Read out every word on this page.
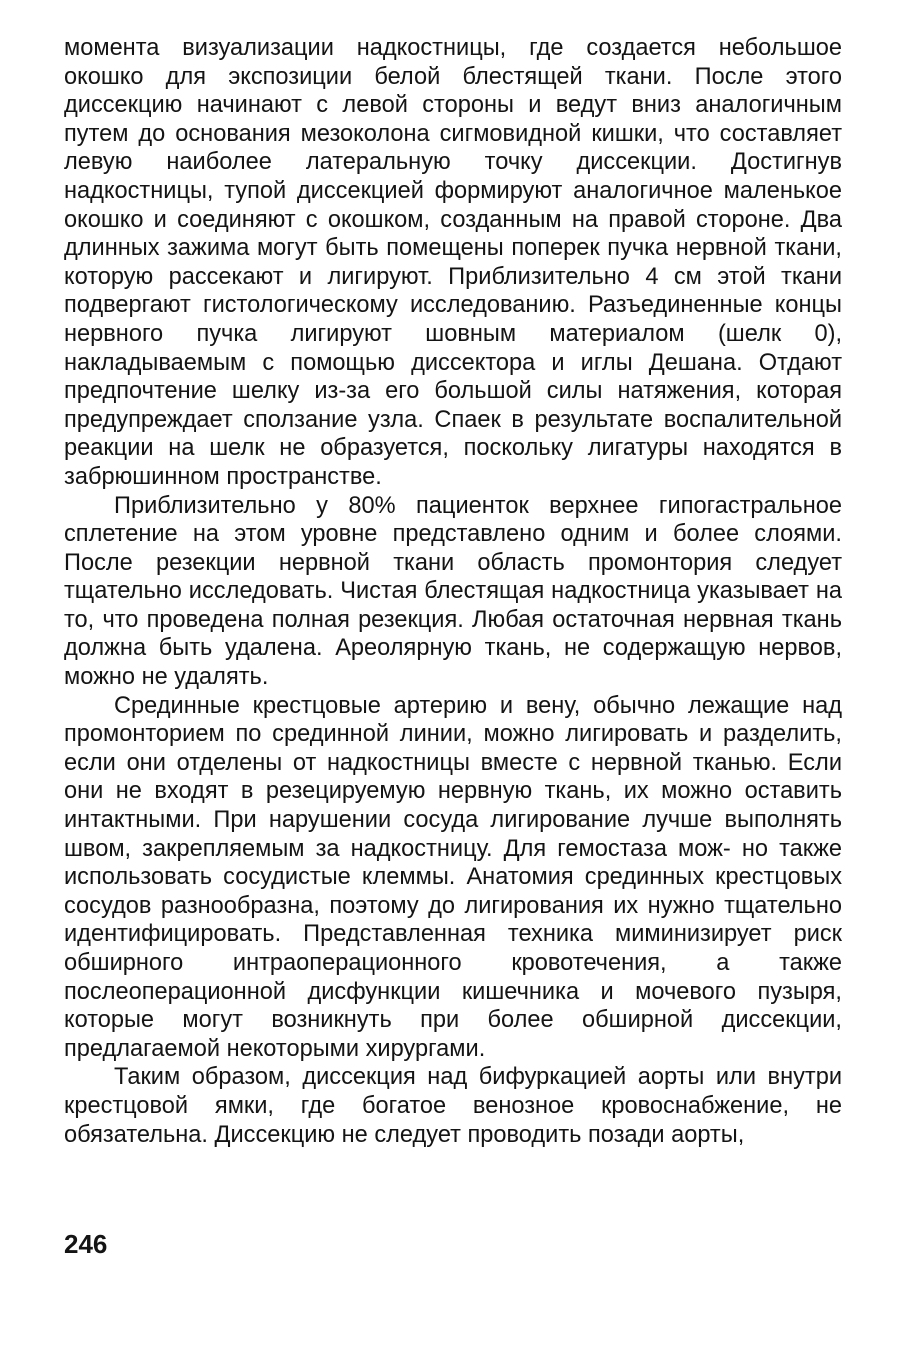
момента визуализации надкостницы, где создается небольшое окошко для экспозиции белой блестящей ткани. После этого диссекцию начинают с левой стороны и ведут вниз аналогичным путем до основания мезоколона сигмовидной кишки, что составляет левую наиболее латеральную точку диссекции. Достигнув надкостницы, тупой диссекцией формируют аналогичное маленькое окошко и соединяют с окошком, созданным на правой стороне. Два длинных зажима могут быть помещены поперек пучка нервной ткани, которую рассекают и лигируют. Приблизительно 4 см этой ткани подвергают гистологическому исследованию. Разъединенные концы нервного пучка лигируют шовным материалом (шелк 0), накладываемым с помощью диссектора и иглы Дешана. Отдают предпочтение шелку из-за его большой силы натяжения, которая предупреждает сползание узла. Спаек в результате воспалительной реакции на шелк не образуется, поскольку лигатуры находятся в забрюшинном пространстве.

Приблизительно у 80% пациенток верхнее гипогастральное сплетение на этом уровне представлено одним и более слоями. После резекции нервной ткани область промонтория следует тщательно исследовать. Чистая блестящая надкостница указывает на то, что проведена полная резекция. Любая остаточная нервная ткань должна быть удалена. Ареолярную ткань, не содержащую нервов, можно не удалять.

Срединные крестцовые артерию и вену, обычно лежащие над промонторием по срединной линии, можно лигировать и разделить, если они отделены от надкостницы вместе с нервной тканью. Если они не входят в резецируемую нервную ткань, их можно оставить интактными. При нарушении сосуда лигирование лучше выполнять швом, закрепляемым за надкостницу. Для гемостаза мож- но также использовать сосудистые клеммы. Анатомия срединных крестцовых сосудов разнообразна, поэтому до лигирования их нужно тщательно идентифицировать. Представленная техника миминизирует риск обширного интраоперационного кровотечения, а также послеоперационной дисфункции кишечника и мочевого пузыря, которые могут возникнуть при более обширной диссекции, предлагаемой некоторыми хирургами.

Таким образом, диссекция над бифуркацией аорты или внутри крестцовой ямки, где богатое венозное кровоснабжение, не обязательна. Диссекцию не следует проводить позади аорты,

246
